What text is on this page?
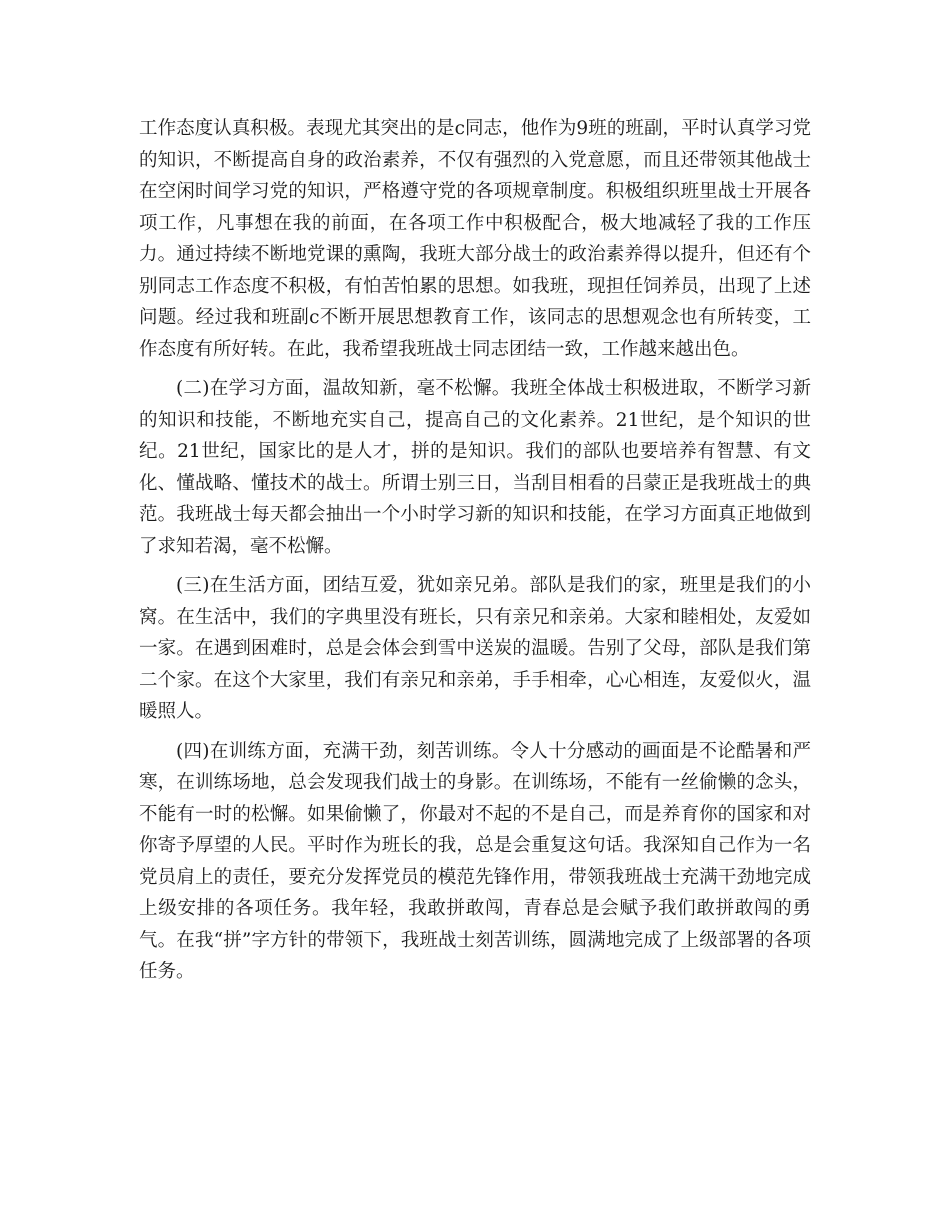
工作态度认真积极。表现尤其突出的是c同志，他作为9班的班副，平时认真学习党的知识，不断提高自身的政治素养，不仅有强烈的入党意愿，而且还带领其他战士在空闲时间学习党的知识，严格遵守党的各项规章制度。积极组织班里战士开展各项工作，凡事想在我的前面，在各项工作中积极配合，极大地减轻了我的工作压力。通过持续不断地党课的熏陶，我班大部分战士的政治素养得以提升，但还有个别同志工作态度不积极，有怕苦怕累的思想。如我班，现担任饲养员，出现了上述问题。经过我和班副c不断开展思想教育工作，该同志的思想观念也有所转变，工作态度有所好转。在此，我希望我班战士同志团结一致，工作越来越出色。

(二)在学习方面，温故知新，毫不松懈。我班全体战士积极进取，不断学习新的知识和技能，不断地充实自己，提高自己的文化素养。21世纪，是个知识的世纪。21世纪，国家比的是人才，拼的是知识。我们的部队也要培养有智慧、有文化、懂战略、懂技术的战士。所谓士别三日，当刮目相看的吕蒙正是我班战士的典范。我班战士每天都会抽出一个小时学习新的知识和技能，在学习方面真正地做到了求知若渴，毫不松懈。

(三)在生活方面，团结互爱，犹如亲兄弟。部队是我们的家，班里是我们的小窝。在生活中，我们的字典里没有班长，只有亲兄和亲弟。大家和睦相处，友爱如一家。在遇到困难时，总是会体会到雪中送炭的温暖。告别了父母，部队是我们第二个家。在这个大家里，我们有亲兄和亲弟，手手相牵，心心相连，友爱似火，温暖照人。

(四)在训练方面，充满干劲，刻苦训练。令人十分感动的画面是不论酷暑和严寒，在训练场地，总会发现我们战士的身影。在训练场，不能有一丝偷懒的念头，不能有一时的松懈。如果偷懒了，你最对不起的不是自己，而是养育你的国家和对你寄予厚望的人民。平时作为班长的我，总是会重复这句话。我深知自己作为一名党员肩上的责任，要充分发挥党员的模范先锋作用，带领我班战士充满干劲地完成上级安排的各项任务。我年轻，我敢拼敢闯，青春总是会赋予我们敢拼敢闯的勇气。在我“拼”字方针的带领下，我班战士刻苦训练，圆满地完成了上级部署的各项任务。
